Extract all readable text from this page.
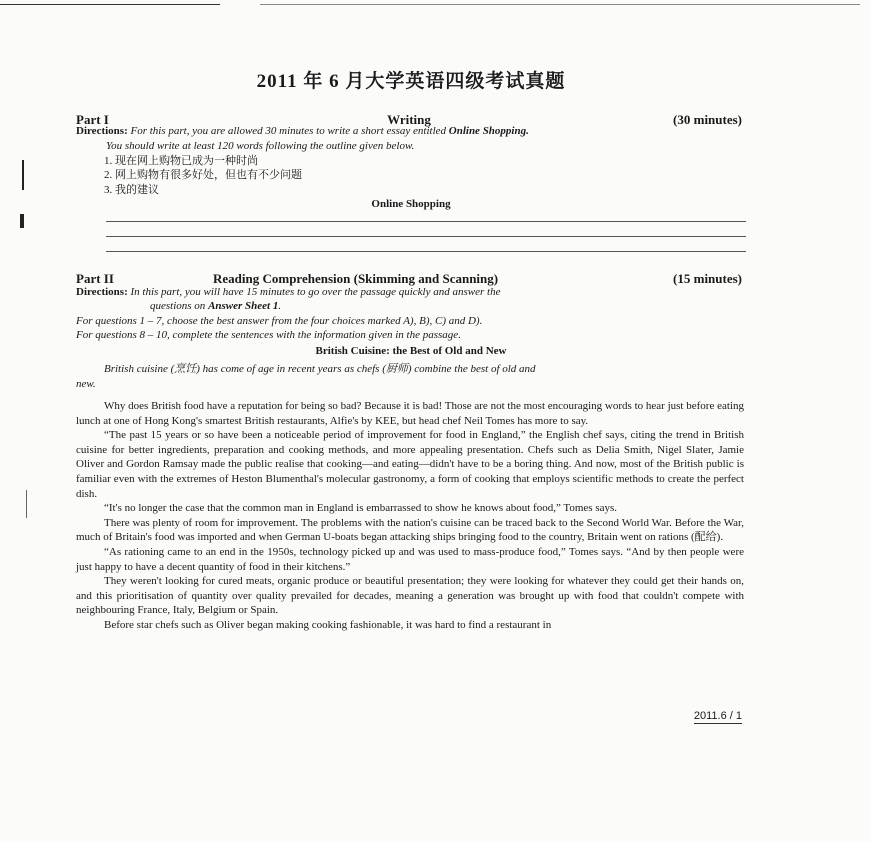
2011 年 6 月大学英语四级考试真题
Part I	Writing	(30 minutes)
Directions: For this part, you are allowed 30 minutes to write a short essay entitled Online Shopping.
You should write at least 120 words following the outline given below.
1. 现在网上购物已成为一种时尚
2. 网上购物有很多好处，但也有不少问题
3. 我的建议
Online Shopping
Part II	Reading Comprehension (Skimming and Scanning)	(15 minutes)
Directions: In this part, you will have 15 minutes to go over the passage quickly and answer the
questions on Answer Sheet 1.
For questions 1 – 7, choose the best answer from the four choices marked A), B), C) and D).
For questions 8 – 10, complete the sentences with the information given in the passage.
British Cuisine: the Best of Old and New
British cuisine (烹饪) has come of age in recent years as chefs (厨师) combine the best of old and
new.

Why does British food have a reputation for being so bad? Because it is bad! Those are not the most encouraging words to hear just before eating lunch at one of Hong Kong's smartest British restaurants, Alfie's by KEE, but head chef Neil Tomes has more to say.

“The past 15 years or so have been a noticeable period of improvement for food in England,” the English chef says, citing the trend in British cuisine for better ingredients, preparation and cooking methods, and more appealing presentation. Chefs such as Delia Smith, Nigel Slater, Jamie Oliver and Gordon Ramsay made the public realise that cooking—and eating—didn't have to be a boring thing. And now, most of the British public is familiar even with the extremes of Heston Blumenthal's molecular gastronomy, a form of cooking that employs scientific methods to create the perfect dish.

“It's no longer the case that the common man in England is embarrassed to show he knows about food,” Tomes says.

There was plenty of room for improvement. The problems with the nation's cuisine can be traced back to the Second World War. Before the War, much of Britain's food was imported and when German U-boats began attacking ships bringing food to the country, Britain went on rations (配给).

“As rationing came to an end in the 1950s, technology picked up and was used to mass-produce food,” Tomes says. “And by then people were just happy to have a decent quantity of food in their kitchens.”

They weren't looking for cured meats, organic produce or beautiful presentation; they were looking for whatever they could get their hands on, and this prioritisation of quantity over quality prevailed for decades, meaning a generation was brought up with food that couldn't compete with neighbouring France, Italy, Belgium or Spain.

Before star chefs such as Oliver began making cooking fashionable, it was hard to find a restaurant in

2011.6 / 1
